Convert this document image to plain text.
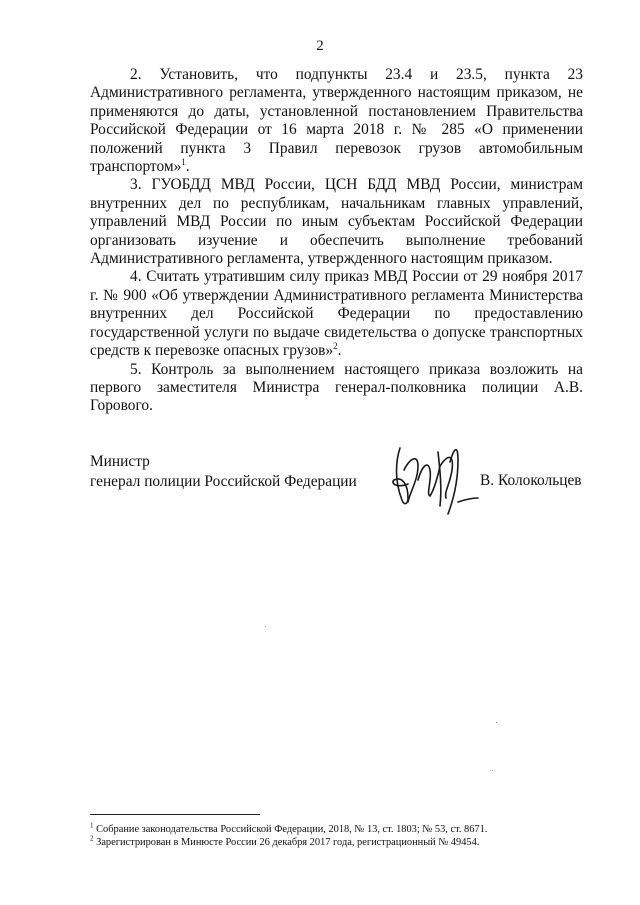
2

2. Установить, что подпункты 23.4 и 23.5, пункта 23 Административного регламента, утвержденного настоящим приказом, не применяются до даты, установленной постановлением Правительства Российской Федерации от 16 марта 2018 г. № 285 «О применении положений пункта 3 Правил перевозок грузов автомобильным транспортом»$^1$.

3. ГУОБДД МВД России, ЦСН БДД МВД России, министрам внутренних дел по республикам, начальникам главных управлений, управлений МВД России по иным субъектам Российской Федерации организовать изучение и обеспечить выполнение требований Административного регламента, утвержденного настоящим приказом.

4. Считать утратившим силу приказ МВД России от 29 ноября 2017 г. № 900 «Об утверждении Административного регламента Министерства внутренних дел Российской Федерации по предоставлению государственной услуги по выдаче свидетельства о допуске транспортных средств к перевозке опасных грузов»$^2$.

5. Контроль за выполнением настоящего приказа возложить на первого заместителя Министра генерал-полковника полиции А.В. Горового.

Министр
генерал полиции Российской Федерации	В. Колокольцев
$^1$ Собрание законодательства Российской Федерации, 2018, № 13, ст. 1803; № 53, ст. 8671.
$^2$ Зарегистрирован в Минюсте России 26 декабря 2017 года, регистрационный № 49454.
